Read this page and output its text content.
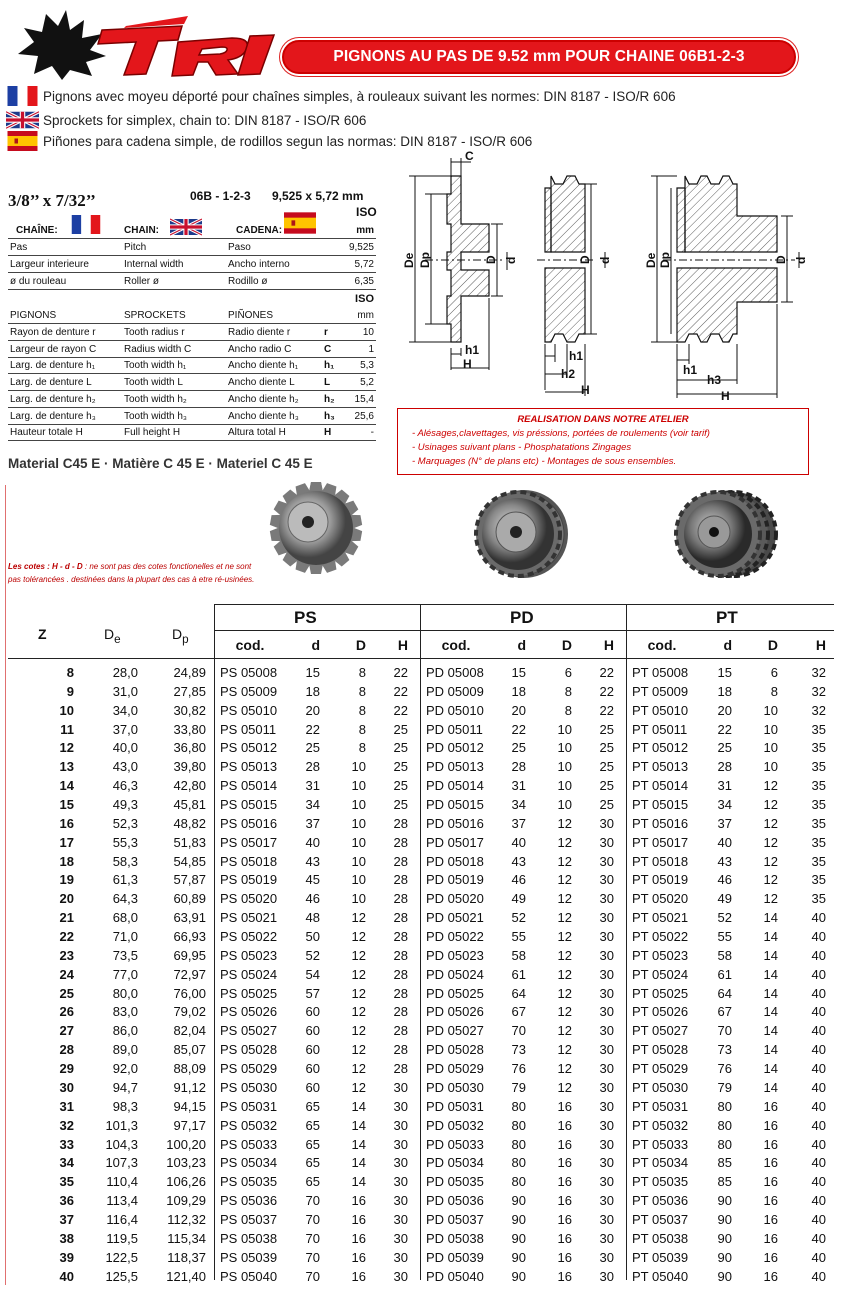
PIGNONS AU PAS DE 9.52 mm POUR CHAINE 06B1-2-3
Pignons avec moyeu déporté pour chaînes simples, à rouleaux suivant les normes: DIN 8187 - ISO/R 606
Sprockets for simplex, chain to: DIN 8187 - ISO/R 606
Piñones para cadena simple, de rodillos segun las normas: DIN 8187 - ISO/R 606
3/8’’ x 7/32’’	06B - 1-2-3 9,525 x 5,72 mm
ISO
CHAÎNE:	CHAIN:	CADENA:	mm
Pas	Pitch	Paso	9,525
Largeur interieure	Internal width	Ancho interno	5,72
ø du rouleau	Roller ø	Rodillo ø	6,35
ISO
PIGNONS	SPROCKETS	PIÑONES	mm
Rayon de denture r	Tooth radius r	Radio diente r	r	10
Largeur de rayon C	Radius width C	Ancho radio C	C	1
Larg. de denture h₁	Tooth width h₁	Ancho diente h₁	h₁	5,3
Larg. de denture L	Tooth width L	Ancho diente L	L	5,2
Larg. de denture h₂	Tooth width h₂	Ancho diente h₂	h₂ 15,4
Larg. de denture h₃	Tooth width h₃	Ancho diente h₃	h₃ 25,6
Hauteur totale H	Full height H	Altura total H	H	-
C
De Dp	D d
h1
H
D d
h1
h2
H
De Dp	D d
h1
h3
H
REALISATION DANS NOTRE ATELIER
- Alésages,clavettages, vis préssions, portées de roulements (voir tarif)
- Usinages suivant plans - Phosphatations Zingages
- Marquages (N° de plans etc) - Montages de sous ensembles.
Material C45 E · Matière C 45 E · Materiel C 45 E
Les cotes : H - d - D : ne sont pas des cotes fonctionelles et ne sont pas tolérancées . destinées dans la plupart des cas à etre ré-usinées.
PS	PD	PT
Z	$D_e$	$D_p$	cod.	d	D	H	cod.	d	D	H	cod.	d	D	H
8	28,0	24,89 PS 05008	15	8	22 PD 05008	15	6	22 PT 05008	15	6	32
9	31,0	27,85 PS 05009	18	8	22 PD 05009	18	8	22 PT 05009	18	8	32
10	34,0	30,82 PS 05010	20	8	22 PD 05010	20	8	22 PT 05010	20	10	32
11	37,0	33,80 PS 05011	22	8	25 PD 05011	22	10	25 PT 05011	22	10	35
12	40,0	36,80 PS 05012	25	8	25 PD 05012	25	10	25 PT 05012	25	10	35
13	43,0	39,80 PS 05013	28	10	25 PD 05013	28	10	25 PT 05013	28	10	35
14	46,3	42,80 PS 05014	31	10	25 PD 05014	31	10	25 PT 05014	31	12	35
15	49,3	45,81 PS 05015	34	10	25 PD 05015	34	10	25 PT 05015	34	12	35
16	52,3	48,82 PS 05016	37	10	28 PD 05016	37	12	30 PT 05016	37	12	35
17	55,3	51,83 PS 05017	40	10	28 PD 05017	40	12	30 PT 05017	40	12	35
18	58,3	54,85 PS 05018	43	10	28 PD 05018	43	12	30 PT 05018	43	12	35
19	61,3	57,87 PS 05019	45	10	28 PD 05019	46	12	30 PT 05019	46	12	35
20	64,3	60,89 PS 05020	46	10	28 PD 05020	49	12	30 PT 05020	49	12	35
21	68,0	63,91 PS 05021	48	12	28 PD 05021	52	12	30 PT 05021	52	14	40
22	71,0	66,93 PS 05022	50	12	28 PD 05022	55	12	30 PT 05022	55	14	40
23	73,5	69,95 PS 05023	52	12	28 PD 05023	58	12	30 PT 05023	58	14	40
24	77,0	72,97 PS 05024	54	12	28 PD 05024	61	12	30 PT 05024	61	14	40
25	80,0	76,00 PS 05025	57	12	28 PD 05025	64	12	30 PT 05025	64	14	40
26	83,0	79,02 PS 05026	60	12	28 PD 05026	67	12	30 PT 05026	67	14	40
27	86,0	82,04 PS 05027	60	12	28 PD 05027	70	12	30 PT 05027	70	14	40
28	89,0	85,07 PS 05028	60	12	28 PD 05028	73	12	30 PT 05028	73	14	40
29	92,0	88,09 PS 05029	60	12	28 PD 05029	76	12	30 PT 05029	76	14	40
30	94,7	91,12 PS 05030	60	12	30 PD 05030	79	12	30 PT 05030	79	14	40
31	98,3	94,15 PS 05031	65	14	30 PD 05031	80	16	30 PT 05031	80	16	40
32	101,3	97,17 PS 05032	65	14	30 PD 05032	80	16	30 PT 05032	80	16	40
33	104,3	100,20 PS 05033	65	14	30 PD 05033	80	16	30 PT 05033	80	16	40
34	107,3	103,23 PS 05034	65	14	30 PD 05034	80	16	30 PT 05034	85	16	40
35	110,4	106,26 PS 05035	65	14	30 PD 05035	80	16	30 PT 05035	85	16	40
36	113,4	109,29 PS 05036	70	16	30 PD 05036	90	16	30 PT 05036	90	16	40
37	116,4	112,32 PS 05037	70	16	30 PD 05037	90	16	30 PT 05037	90	16	40
38	119,5	115,34 PS 05038	70	16	30 PD 05038	90	16	30 PT 05038	90	16	40
39	122,5	118,37 PS 05039	70	16	30 PD 05039	90	16	30 PT 05039	90	16	40
40	125,5	121,40 PS 05040	70	16	30 PD 05040	90	16	30 PT 05040	90	16	40
